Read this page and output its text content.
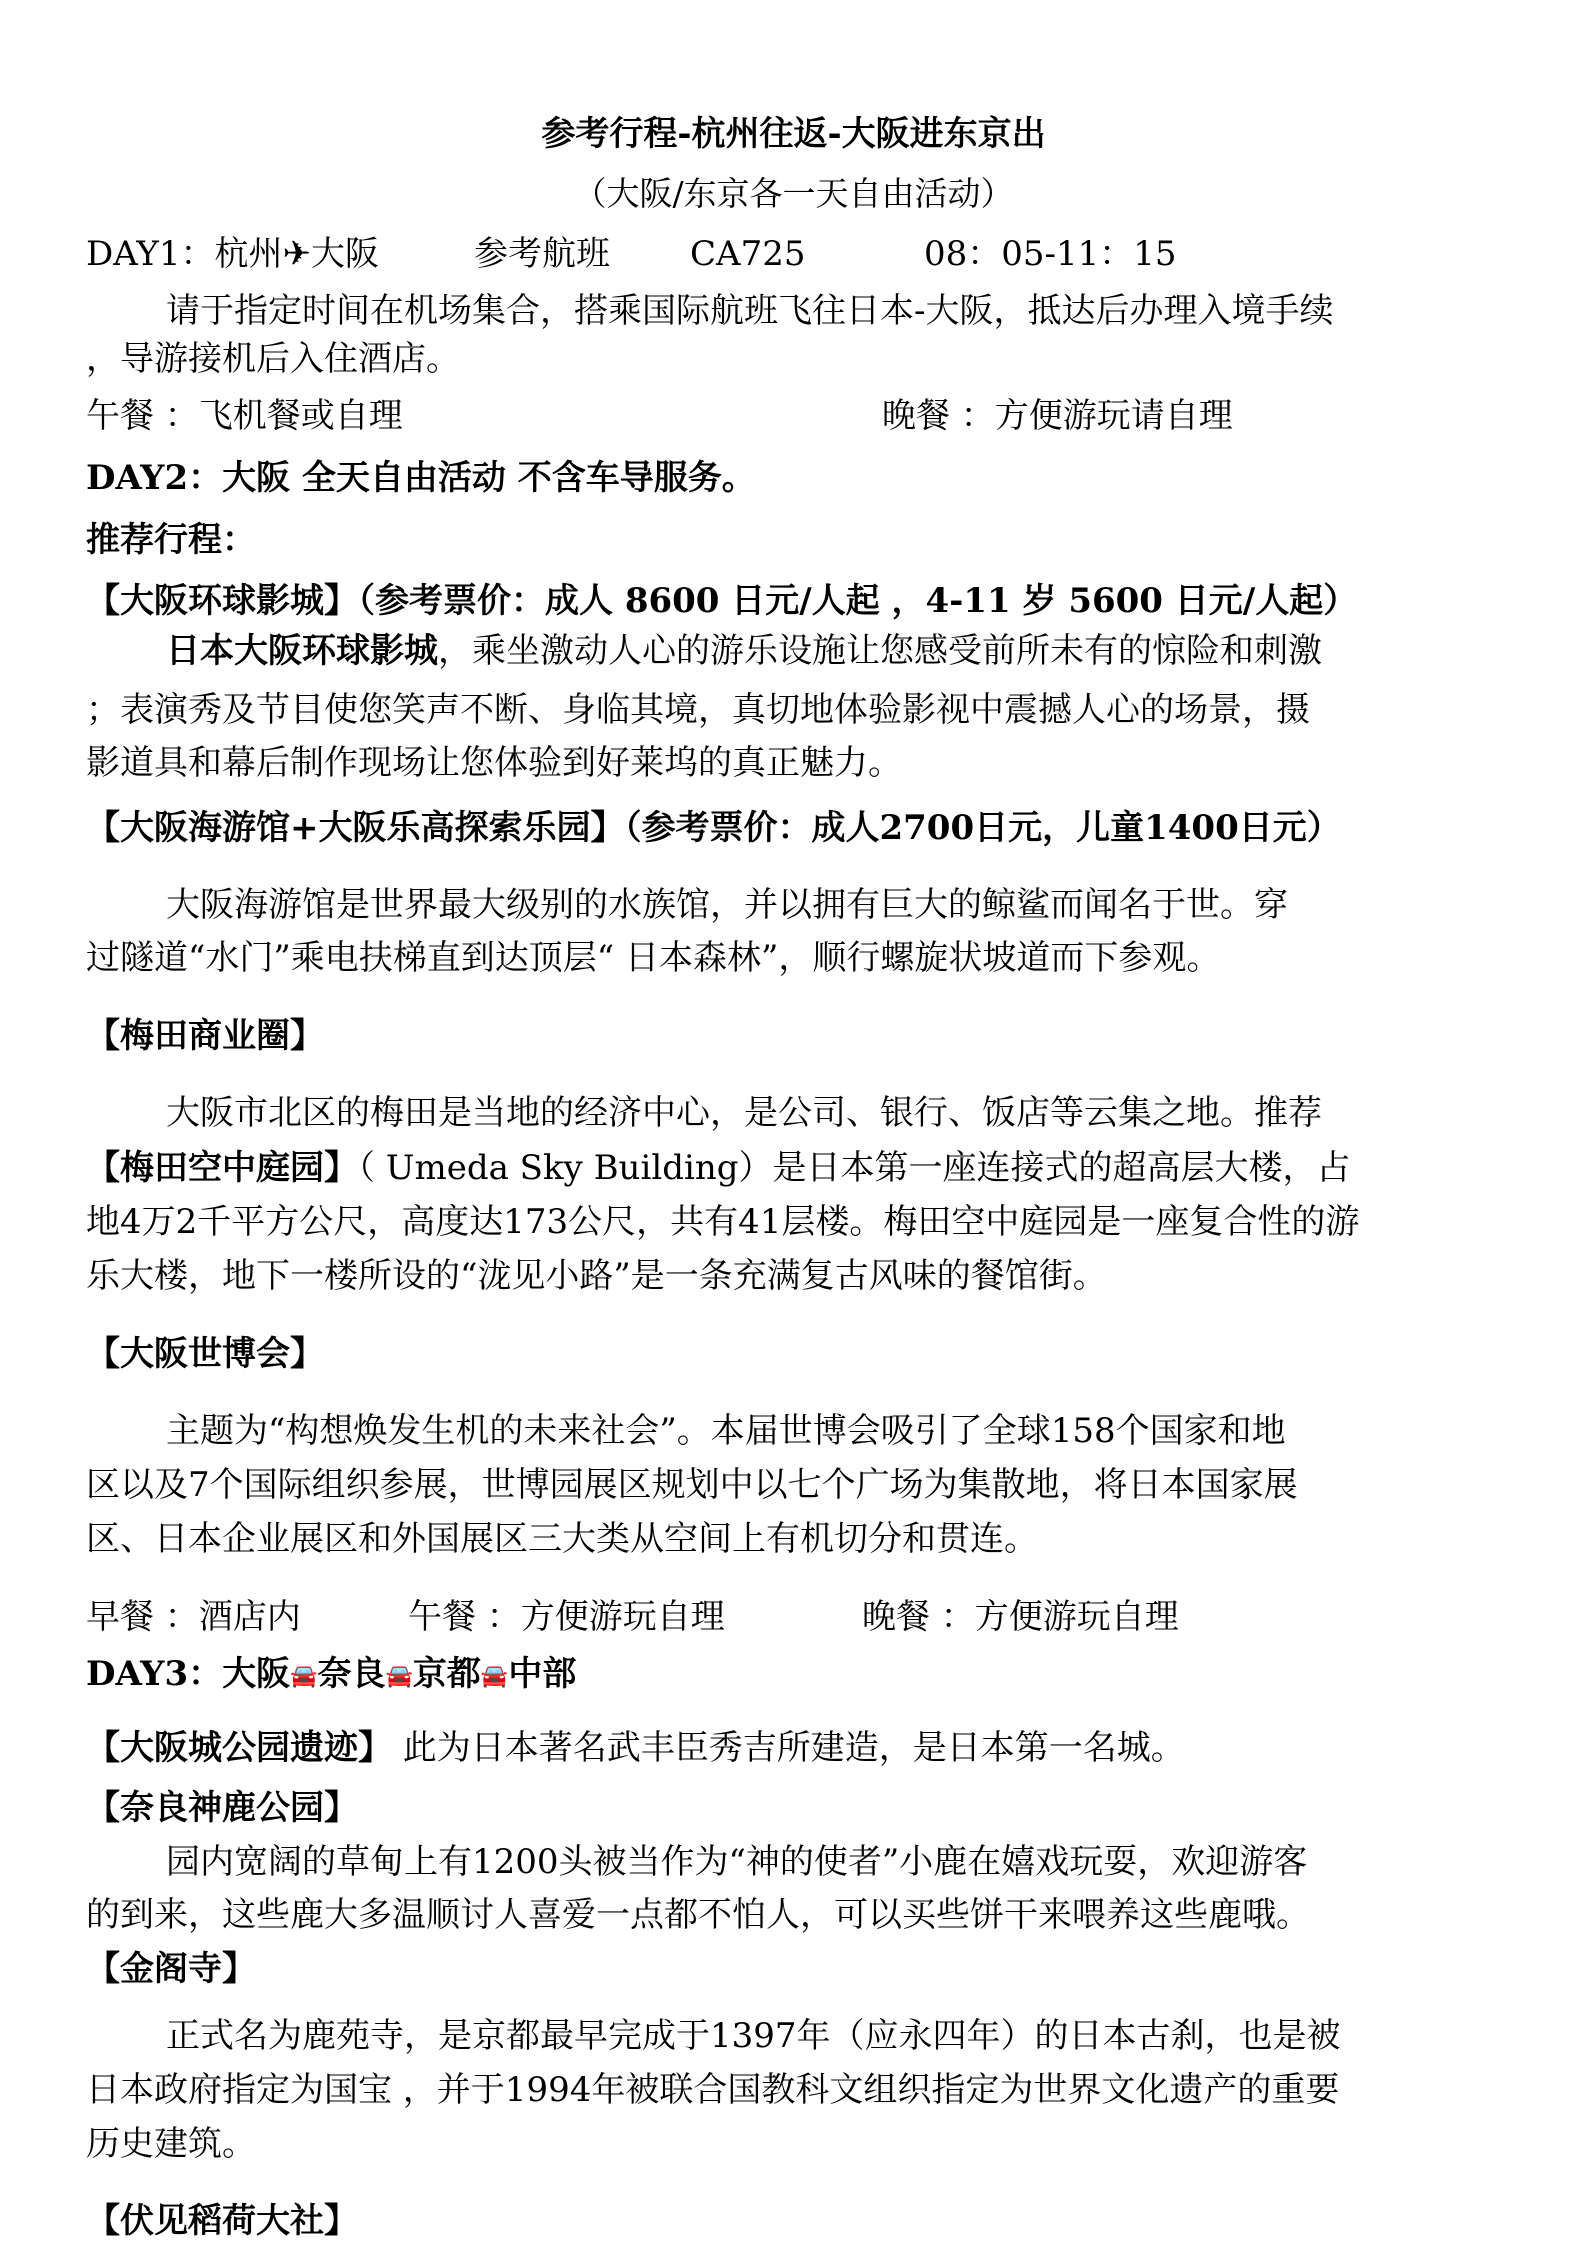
参考行程-杭州往返-大阪进东京出
（大阪/东京各一天自由活动）
DAY1：杭州✈大阪	参考航班 CA725	08：05-11：15
请于指定时间在机场集合，搭乘国际航班飞往日本-大阪，抵达后办理入境手续
，导游接机后入住酒店。
午餐 ：飞机餐或自理	晚餐 ：方便游玩请自理
DAY2：大阪 全天自由活动 不含车导服务。
推荐行程：
【大阪环球影城】（参考票价：成人 8600 日元/人起 ，4-11 岁 5600 日元/人起）
日本大阪环球影城，乘坐激动人心的游乐设施让您感受前所未有的惊险和刺激
；表演秀及节目使您笑声不断、身临其境，真切地体验影视中震撼人心的场景，摄
影道具和幕后制作现场让您体验到好莱坞的真正魅力。
【大阪海游馆+大阪乐高探索乐园】（参考票价：成人2700日元，儿童1400日元）
大阪海游馆是世界最大级别的水族馆，并以拥有巨大的鲸鲨而闻名于世。穿
过隧道“水门”乘电扶梯直到达顶层“ 日本森林”，顺行螺旋状坡道而下参观。
【梅田商业圈】
大阪市北区的梅田是当地的经济中心，是公司、银行、饭店等云集之地。推荐
【梅田空中庭园】（ Umeda Sky Building）是日本第一座连接式的超高层大楼，占
地4万2千平方公尺，高度达173公尺，共有41层楼。梅田空中庭园是一座复合性的游
乐大楼，地下一楼所设的“泷见小路”是一条充满复古风味的餐馆街。
【大阪世博会】
主题为“构想焕发生机的未来社会”。本届世博会吸引了全球158个国家和地
区以及7个国际组织参展，世博园展区规划中以七个广场为集散地，将日本国家展
区、日本企业展区和外国展区三大类从空间上有机切分和贯连。
早餐 ：酒店内	午餐 ：方便游玩自理	晚餐 ：方便游玩自理
DAY3：大阪🚘奈良🚘京都🚘中部
【大阪城公园遗迹】 此为日本著名武丰臣秀吉所建造，是日本第一名城。
【奈良神鹿公园】
园内宽阔的草甸上有1200头被当作为“神的使者”小鹿在嬉戏玩耍，欢迎游客
的到来，这些鹿大多温顺讨人喜爱一点都不怕人，可以买些饼干来喂养这些鹿哦。
【金阁寺】
正式名为鹿苑寺，是京都最早完成于1397年（应永四年）的日本古刹，也是被
日本政府指定为国宝 ，并于1994年被联合国教科文组织指定为世界文化遗产的重要
历史建筑。
【伏见稻荷大社】
